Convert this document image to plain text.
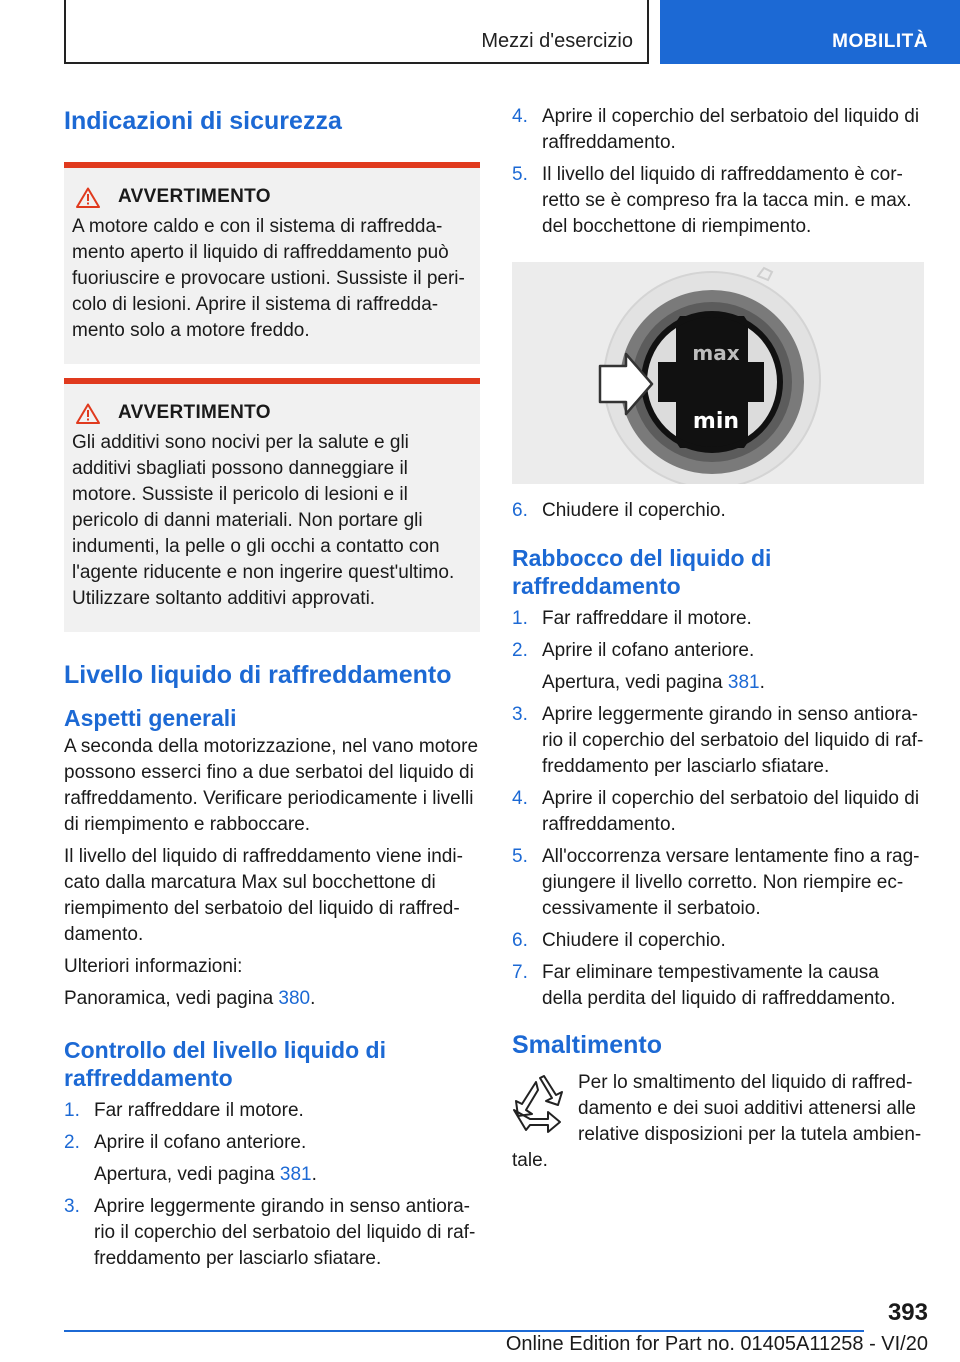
Mezzi d'esercizio	MOBILITÀ
Indicazioni di sicurezza
AVVERTIMENTO

A motore caldo e con il sistema di raffreddamento aperto il liquido di raffreddamento può fuoriuscire e provocare ustioni. Sussiste il pericolo di lesioni. Aprire il sistema di raffreddamento solo a motore freddo.

AVVERTIMENTO

Gli additivi sono nocivi per la salute e gli additivi sbagliati possono danneggiare il motore. Sussiste il pericolo di lesioni e il pericolo di danni materiali. Non portare gli indumenti, la pelle o gli occhi a contatto con l'agente riducente e non ingerire quest'ultimo. Utilizzare soltanto additivi approvati.

Livello liquido di raffreddamento
Aspetti generali

A seconda della motorizzazione, nel vano motore possono esserci fino a due serbatoi del liquido di raffreddamento. Verificare periodicamente i livelli di riempimento e rabboccare.

Il livello del liquido di raffreddamento viene indicato dalla marcatura Max sul bocchettone di riempimento del serbatoio del liquido di raffreddamento.

Ulteriori informazioni:

Panoramica, vedi pagina 380.

Controllo del livello liquido di raffreddamento
1. Far raffreddare il motore.
2. Aprire il cofano anteriore.
Apertura, vedi pagina 381.
3. Aprire leggermente girando in senso antiorario il coperchio del serbatoio del liquido di raffreddamento per lasciarlo sfiatare.
4. Aprire il coperchio del serbatoio del liquido di raffreddamento.
5. Il livello del liquido di raffreddamento è corretto se è compreso fra la tacca min. e max. del bocchettone di riempimento.
max
min
6. Chiudere il coperchio.
Rabbocco del liquido di raffreddamento
1. Far raffreddare il motore.
2. Aprire il cofano anteriore.
Apertura, vedi pagina 381.
3. Aprire leggermente girando in senso antiorario il coperchio del serbatoio del liquido di raffreddamento per lasciarlo sfiatare.
4. Aprire il coperchio del serbatoio del liquido di raffreddamento.
5. All'occorrenza versare lentamente fino a raggiungere il livello corretto. Non riempire eccessivamente il serbatoio.
6. Chiudere il coperchio.
7. Far eliminare tempestivamente la causa della perdita del liquido di raffreddamento.
Smaltimento

Per lo smaltimento del liquido di raffreddamento e dei suoi additivi attenersi alle relative disposizioni per la tutela ambientale.

393
Online Edition for Part no. 01405A11258 - VI/20
